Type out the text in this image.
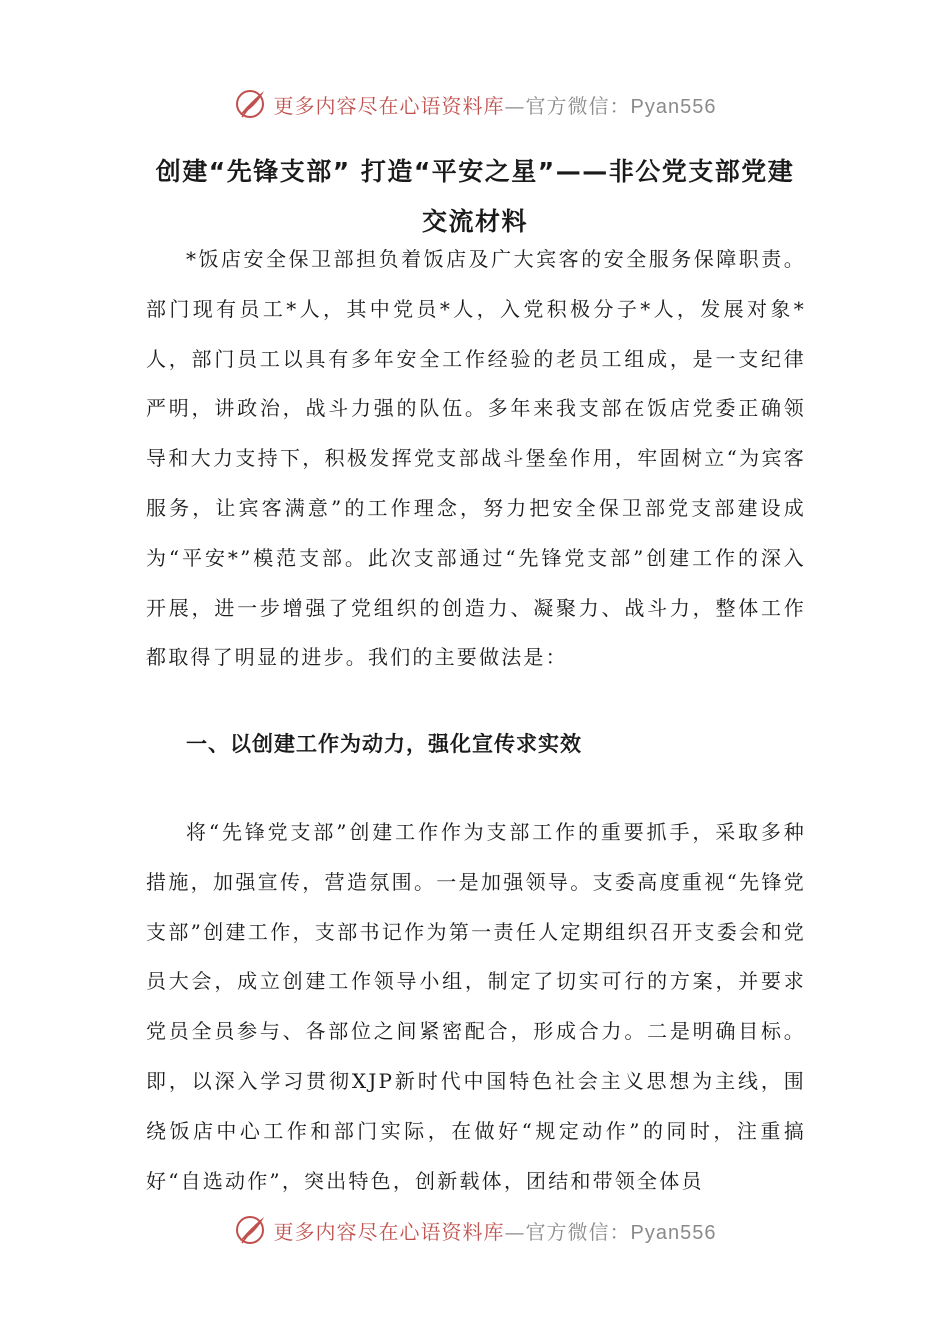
更多内容尽在心语资料库—官方微信：Pyan556
创建“先锋支部” 打造“平安之星”——非公党支部党建
交流材料

*饭店安全保卫部担负着饭店及广大宾客的安全服务保障职责。部门现有员工*人，其中党员*人，入党积极分子*人，发展对象*人，部门员工以具有多年安全工作经验的老员工组成，是一支纪律严明，讲政治，战斗力强的队伍。多年来我支部在饭店党委正确领导和大力支持下，积极发挥党支部战斗堡垒作用，牢固树立“为宾客服务，让宾客满意”的工作理念，努力把安全保卫部党支部建设成为“平安*”模范支部。此次支部通过“先锋党支部”创建工作的深入开展，进一步增强了党组织的创造力、凝聚力、战斗力，整体工作都取得了明显的进步。我们的主要做法是：

一、以创建工作为动力，强化宣传求实效

将“先锋党支部”创建工作作为支部工作的重要抓手，采取多种措施，加强宣传，营造氛围。一是加强领导。支委高度重视“先锋党支部”创建工作，支部书记作为第一责任人定期组织召开支委会和党员大会，成立创建工作领导小组，制定了切实可行的方案，并要求党员全员参与、各部位之间紧密配合，形成合力。二是明确目标。即，以深入学习贯彻XJP新时代中国特色社会主义思想为主线，围绕饭店中心工作和部门实际，在做好“规定动作”的同时，注重搞好“自选动作”，突出特色，创新载体，团结和带领全体员

更多内容尽在心语资料库—官方微信：Pyan556
